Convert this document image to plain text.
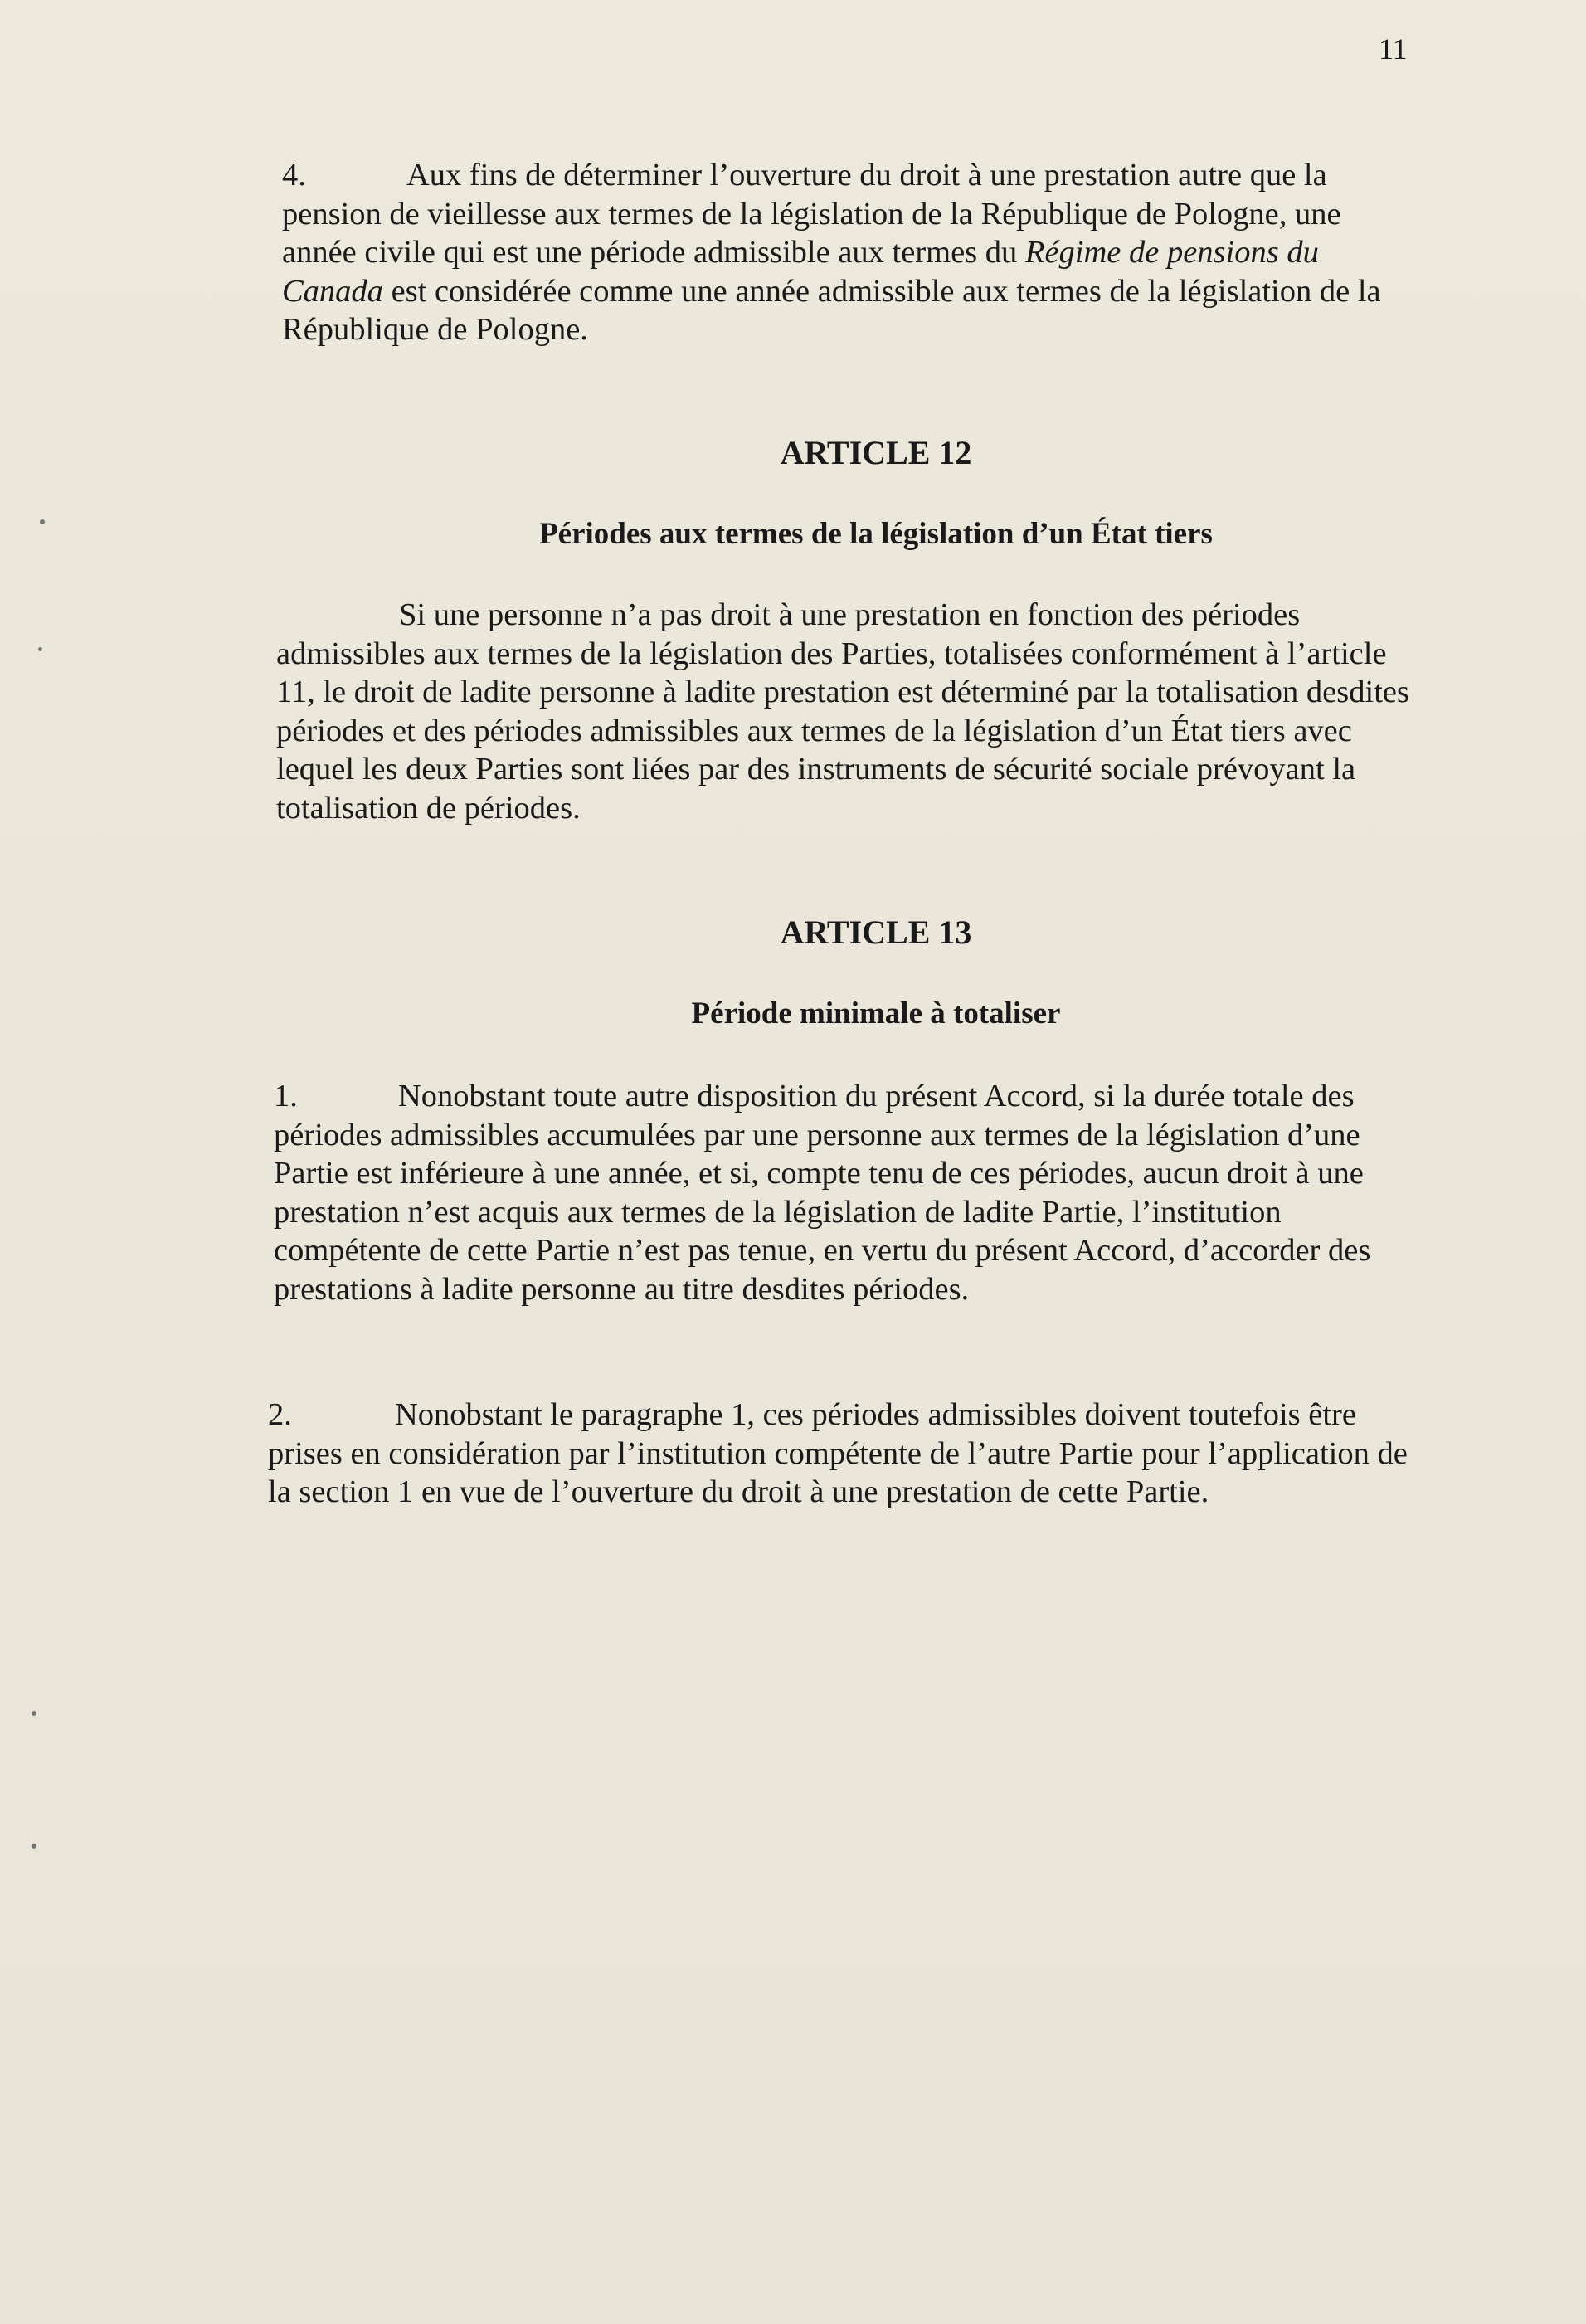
11

4.	Aux fins de déterminer l’ouverture du droit à une prestation autre que la pension de vieillesse aux termes de la législation de la République de Pologne, une année civile qui est une période admissible aux termes du Régime de pensions du Canada est considérée comme une année admissible aux termes de la législation de la République de Pologne.

ARTICLE 12
Périodes aux termes de la législation d’un État tiers

Si une personne n’a pas droit à une prestation en fonction des périodes admissibles aux termes de la législation des Parties, totalisées conformément à l’article 11, le droit de ladite personne à ladite prestation est déterminé par la totalisation desdites périodes et des périodes admissibles aux termes de la législation d’un État tiers avec lequel les deux Parties sont liées par des instruments de sécurité sociale prévoyant la totalisation de périodes.

ARTICLE 13
Période minimale à totaliser

1.	Nonobstant toute autre disposition du présent Accord, si la durée totale des périodes admissibles accumulées par une personne aux termes de la législation d’une Partie est inférieure à une année, et si, compte tenu de ces périodes, aucun droit à une prestation n’est acquis aux termes de la législation de ladite Partie, l’institution compétente de cette Partie n’est pas tenue, en vertu du présent Accord, d’accorder des prestations à ladite personne au titre desdites périodes.

2.	Nonobstant le paragraphe 1, ces périodes admissibles doivent toutefois être prises en considération par l’institution compétente de l’autre Partie pour l’application de la section 1 en vue de l’ouverture du droit à une prestation de cette Partie.
